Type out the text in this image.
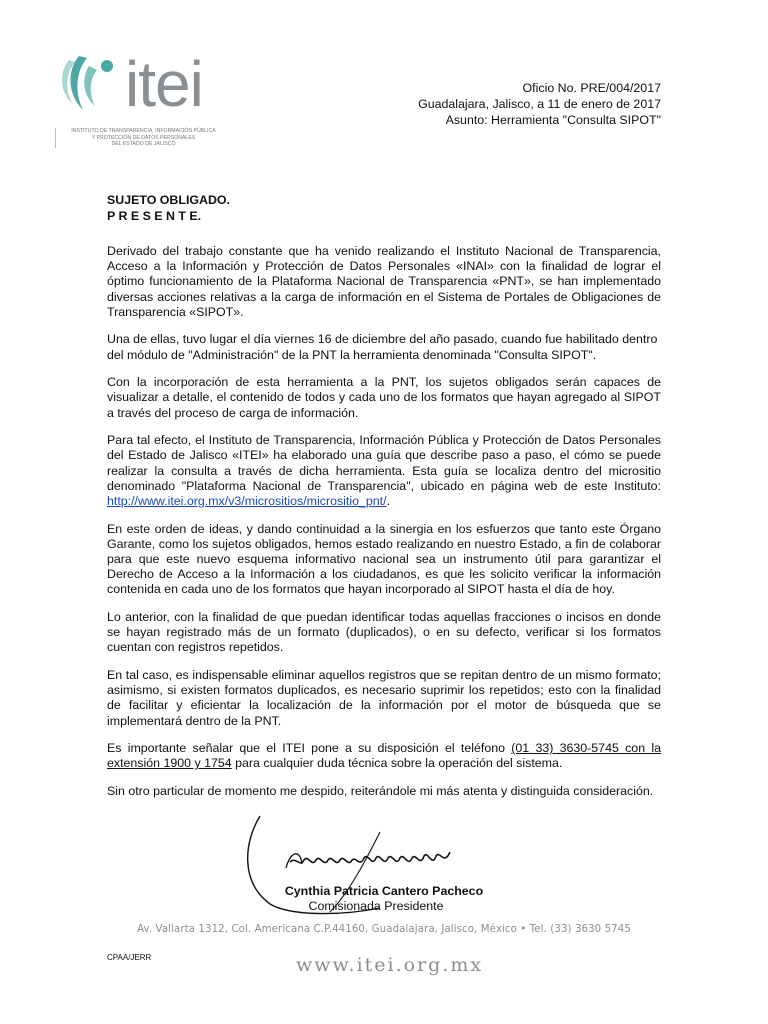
itei
INSTITUTO DE TRANSPARENCIA, INFORMACIÓN PÚBLICA
Y PROTECCIÓN DE DATOS PERSONALES
DEL ESTADO DE JALISCO
Oficio No. PRE/004/2017
Guadalajara, Jalisco, a 11 de enero de 2017
Asunto: Herramienta "Consulta SIPOT"
SUJETO OBLIGADO.
P R E S E N T E.

Derivado del trabajo constante que ha venido realizando el Instituto Nacional de Transparencia, Acceso a la Información y Protección de Datos Personales «INAI» con la finalidad de lograr el óptimo funcionamiento de la Plataforma Nacional de Transparencia «PNT», se han implementado diversas acciones relativas a la carga de información en el Sistema de Portales de Obligaciones de Transparencia «SIPOT».

Una de ellas, tuvo lugar el día viernes 16 de diciembre del año pasado, cuando fue habilitado dentro del módulo de "Administración" de la PNT la herramienta denominada "Consulta SIPOT".

Con la incorporación de esta herramienta a la PNT, los sujetos obligados serán capaces de visualizar a detalle, el contenido de todos y cada uno de los formatos que hayan agregado al SIPOT a través del proceso de carga de información.

Para tal efecto, el Instituto de Transparencia, Información Pública y Protección de Datos Personales del Estado de Jalisco «ITEI» ha elaborado una guía que describe paso a paso, el cómo se puede realizar la consulta a través de dicha herramienta. Esta guía se localiza dentro del micrositio denominado "Plataforma Nacional de Transparencia", ubicado en página web de este Instituto: http://www.itei.org.mx/v3/micrositios/micrositio_pnt/.

En este orden de ideas, y dando continuidad a la sinergia en los esfuerzos que tanto este Órgano Garante, como los sujetos obligados, hemos estado realizando en nuestro Estado, a fin de colaborar para que este nuevo esquema informativo nacional sea un instrumento útil para garantizar el Derecho de Acceso a la Información a los ciudadanos, es que les solicito verificar la información contenida en cada uno de los formatos que hayan incorporado al SIPOT hasta el día de hoy.

Lo anterior, con la finalidad de que puedan identificar todas aquellas fracciones o incisos en donde se hayan registrado más de un formato (duplicados), o en su defecto, verificar si los formatos cuentan con registros repetidos.

En tal caso, es indispensable eliminar aquellos registros que se repitan dentro de un mismo formato; asimismo, si existen formatos duplicados, es necesario suprimir los repetidos; esto con la finalidad de facilitar y eficientar la localización de la información por el motor de búsqueda que se implementará dentro de la PNT.

Es importante señalar que el ITEI pone a su disposición el teléfono (01 33) 3630-5745 con la extensión 1900 y 1754 para cualquier duda técnica sobre la operación del sistema.

Sin otro particular de momento me despido, reiterándole mi más atenta y distinguida consideración.

Cynthia Patricia Cantero Pacheco
Comisionada Presidente
Av. Vallarta 1312, Col. Americana C.P.44160, Guadalajara, Jalisco, México • Tel. (33) 3630 5745
CPAA/JERR	www.itei.org.mx
